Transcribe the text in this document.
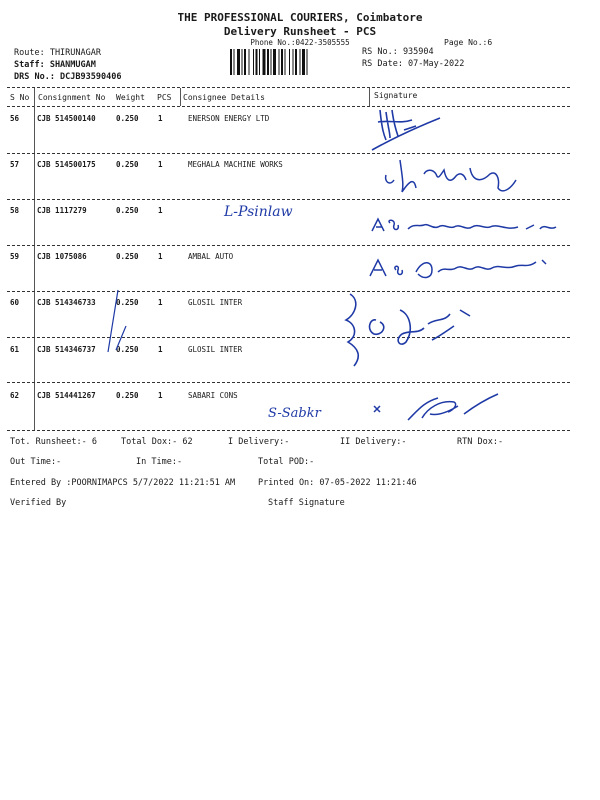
THE PROFESSIONAL COURIERS, Coimbatore
Delivery Runsheet - PCS
Phone No.:0422-3505555	Page No.:6
Route: THIRUNAGAR
Staff: SHANMUGAM
DRS No.: DCJB93590406
RS No.: 935904
RS Date: 07-May-2022
S No Consignment No Weight PCS Consignee Details	Signature
56 CJB 514500140	0.250	1	ENERSON ENERGY LTD
57 CJB 514500175	0.250	1	MEGHALA MACHINE WORKS
58 CJB 1117279	0.250	1	L-Psinlaw
59 CJB 1075086	0.250	1	AMBAL AUTO
60 CJB 514346733	0.250	1	GLOSIL INTER
61 CJB 514346737	0.250	1	GLOSIL INTER
62 CJB 514441267	0.250	1	SABARI CONS
S-Sabkr
Tot. Runsheet:- 6	Total Dox:- 62	I Delivery:-	II Delivery:-	RTN Dox:-
Out Time:-	In Time:-	Total POD:-
Entered By :POORNIMAPCS 5/7/2022 11:21:51 AM	Printed On: 07-05-2022 11:21:46
Verified By	Staff Signature
